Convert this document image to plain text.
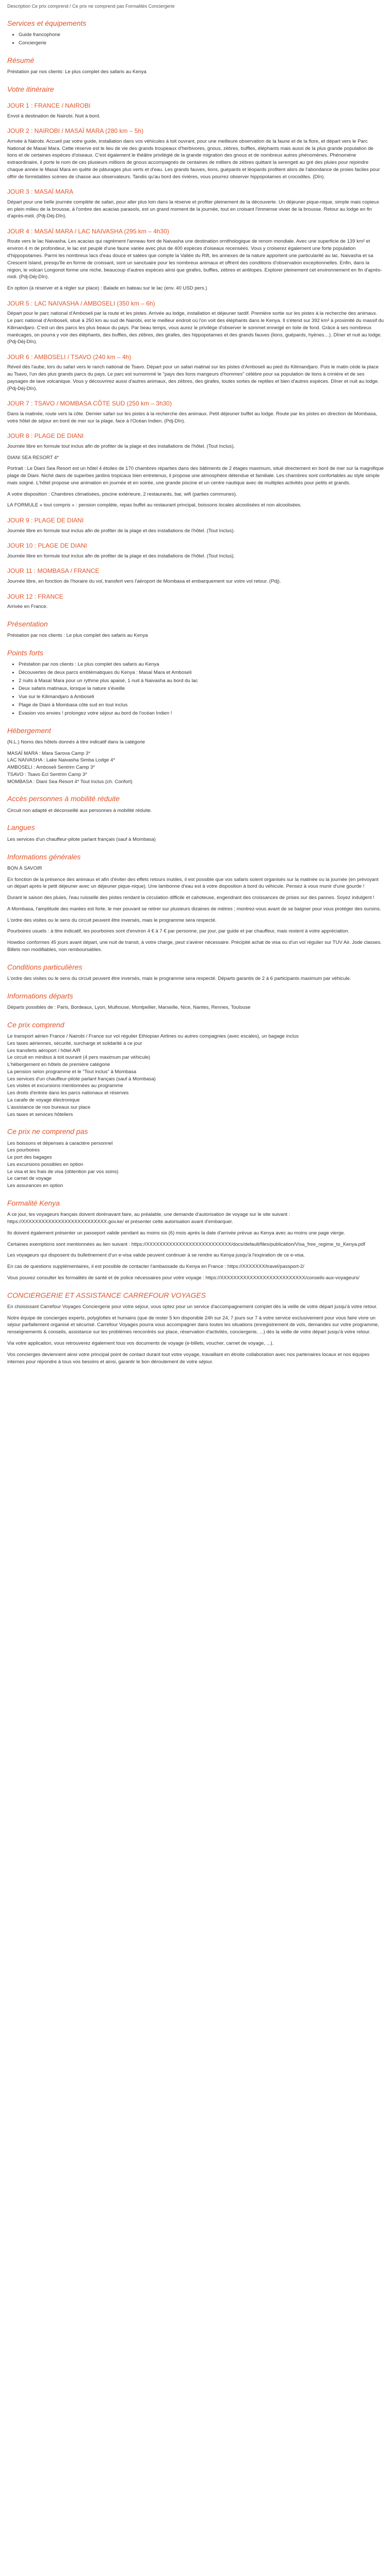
Description Ce prix comprend / Ce prix ne comprend pas Formalités Conciergerie
Services et équipements
• Guide francophone
• Conciergerie
Résumé

Préstation par nos clients: Le plus complet des safaris au Kenya

Votre itinéraire
JOUR 1 : FRANCE / NAIROBI

Envol à destination de Nairobi. Nuit à bord.

JOUR 2 : NAIROBI / MASAÏ MARA (280 km – 5h)

Arrivée à Nairobi. Accueil par votre guide, installation dans vos véhicules à toit ouvrant, pour une meilleure observation de la faune et de la flore, et départ vers le Parc National de Masaï Mara. Cette réserve est le lieu de vie des grands troupeaux d'herbivores, gnous, zèbres, buffles, éléphants mais aussi de la plus grande population de lions et de certaines espèces d'oiseaux. C'est également le théâtre privilégié de la grande migration des gnous et de nombreux autres phénomènes. Phénomène extraordinaire, il porte le nom de ces plusieurs millions de gnous accompagnés de centaines de milliers de zèbres quittant la serengeti au gré des pluies pour rejoindre chaque année le Masaï Mara en quête de pâturages plus verts et d'eau. Les grands fauves, lions, guépards et léopards profitent alors de l'abondance de proies faciles pour offrir de formidables scènes de chasse aux observateurs. Tandis qu'au bord des rivières, vous pourrez observer hippopotames et crocodiles. (Dîn).

JOUR 3 : MASAÏ MARA

Départ pour une belle journée complète de safari, pour aller plus loin dans la réserve et profiter pleinement de la découverte. Un déjeuner pique-nique, simple mais copieux en plein milieu de la brousse, à l'ombre des acacias parasols, est un grand moment de la journée, tout en croisant l'immense vivier de la brousse. Retour au lodge en fin d'après-midi. (Pdj-Déj-Dîn).

JOUR 4 : MASAÏ MARA / LAC NAIVASHA (295 km – 4h30)

Route vers le lac Naivasha. Les acacias qui ragrèment l'anneau font de Naivasha une destination ornithologique de renom mondiale. Avec une superficie de 139 km² et environ 4 m de profondeur, le lac est peuplé d'une faune variée avec plus de 400 espèces d'oiseaux recensées. Vous y croiserez également une forte population d'hippopotames. Parmi les nombreux lacs d'eau douce et salées que compte la Vallée du Rift, les annexes de la nature apportent une particularité au lac. Naivasha et sa Crescent Island, presqu'île en forme de croissant, sont un sanctuaire pour les nombreux animaux et offrent des conditions d'observation exceptionnelles. Enfin, dans la région, le volcan Longonot forme une niche, beaucoup d'autres espèces ainsi que girafes, buffles, zèbres et antilopes. Explorer pleinement cet environnement en fin d'après-midi. (Pdj-Déj-Dîn).

En option (à réserver et à régler sur place) : Balade en bateau sur le lac (env. 40 USD pers.)

JOUR 5 : LAC NAIVASHA / AMBOSELI (350 km – 6h)

Départ pour le parc national d'Amboseli par la route et les pistes. Arrivée au lodge, installation et déjeuner tardif. Première sortie sur les pistes à la recherche des animaux. Le parc national d'Amboseli, situé à 250 km au sud de Nairobi, est le meilleur endroit où l'on voit des éléphants dans le Kenya. Il s'étend sur 392 km² à proximité du massif du Kilimandjaro. C'est un des parcs les plus beaux du pays. Par beau temps, vous aurez le privilège d'observer le sommet enneigé en toile de fond. Grâce à ses nombreux marécages, on pourra y voir des éléphants, des buffles, des zèbres, des girafes, des hippopotames et des grands fauves (lions, guépards, hyènes…). Dîner et nuit au lodge. (Pdj-Déj-Dîn).

JOUR 6 : AMBOSELI / TSAVO (240 km – 4h)

Réveil dès l'aube, lors du safari vers le ranch national de Tsavo. Départ pour un safari matinal sur les pistes d'Amboseli au pied du Kilimandjaro. Puis le matin cède la place au Tsavo, l'un des plus grands parcs du pays. Le parc est surnommé le "pays des lions mangeurs d'hommes" célèbre pour sa population de lions à crinière et de ses paysages de lave volcanique. Vous y découvrirez aussi d'autres animaux, des zèbres, des girafes, toutes sortes de reptiles et bien d'autres espèces. Dîner et nuit au lodge. (Pdj-Déj-Dîn).

JOUR 7 : TSAVO / MOMBASA CÔTE SUD (250 km – 3h30)

Dans la matinée, route vers la côte. Dernier safari sur les pistes à la recherche des animaux. Petit déjeuner buffet au lodge. Route par les pistes en direction de Mombasa, votre hôtel de séjour en bord de mer sur la plage, face à l'Océan Indien. (Pdj-Dîn).

JOUR 8 : PLAGE DE DIANI

Journée libre en formule tout inclus afin de profiter de la plage et des installations de l'hôtel. (Tout Inclus).

DIANI SEA RESORT 4*

Portrait : Le Diani Sea Resort est un hôtel 4 étoiles de 170 chambres réparties dans des bâtiments de 2 étages maximum, situé directement en bord de mer sur la magnifique plage de Diani. Niché dans de superbes jardins tropicaux bien entretenus, il propose une atmosphère détendue et familiale. Les chambres sont confortables au style simple mais soigné. L'hôtel propose une animation en journée et en soirée, une grande piscine et un centre nautique avec de multiples activités pour petits et grands.

A votre disposition : Chambres climatisées, piscine extérieure, 2 restaurants, bar, wifi (parties communes).

LA FORMULE « tout compris » : pension complète, repas buffet au restaurant principal, boissons locales alcoolisées et non alcoolisées.

JOUR 9 : PLAGE DE DIANI

Journée libre en formule tout inclus afin de profiter de la plage et des installations de l'hôtel. (Tout Inclus).

JOUR 10 : PLAGE DE DIANI

Journée libre en formule tout inclus afin de profiter de la plage et des installations de l'hôtel. (Tout Inclus).

JOUR 11 : MOMBASA / FRANCE

Journée libre, en fonction de l'horaire du vol, transfert vers l'aéroport de Mombasa et embarquement sur votre vol retour. (Pdj).

JOUR 12 : FRANCE

Arrivée en France.

Présentation

Préstation par nos clients : Le plus complet des safaris au Kenya

Points forts
• Préstation par nos clients : Le plus complet des safaris au Kenya
• Découvertes de deux parcs emblématiques du Kenya : Masaï Mara et Amboseli
• 2 nuits à Masaï Mara pour un rythme plus apaisé, 1 nuit à Naivasha au bord du lac
• Deux safaris matinaux, lorsque la nature s'éveille
• Vue sur le Kilimandjaro à Amboseli
• Plage de Diani à Mombasa côte sud en tout inclus
• Evasion vos envies ! prolongez votre séjour au bord de l'océan Indien !
Hébergement

(N.L.) Noms des hôtels donnés à titre indicatif dans la catégorie

MASAÏ MARA : Mara Sarova Camp 3*
LAC NAIVASHA : Lake Naivasha Simba Lodge 4*
AMBOSELI : Amboseli Sentrim Camp 3*
TSAVO : Tsavo Ecl Sentrim Camp 3*
MOMBASA : Diani Sea Resort 4* Tout Inclus (ch. Confort)
Accès personnes à mobilité réduite

Circuit non adapté et déconseillé aux personnes à mobilité réduite.

Langues

Les services d'un chauffeur-pilote parlant français (sauf à Mombasa)

Informations générales

BON À SAVOIR

En fonction de la présence des animaux et afin d'éviter des effets retours inutiles, il est possible que vos safaris soient organisés sur la matinée ou la journée (en prévoyant un départ après le petit déjeuner avec un déjeuner pique-nique). Une lambonne d'eau est à votre disposition à bord du véhicule. Pensez à vous munir d'une gourde !

Durant le saison des pluies, l'eau ruisselle des pistes rendant la circulation difficile et cahoteuse, engendrant des croissances de prises sur des pannes. Soyez indulgent !

A Mombasa, l'amplitude des marées est forte, le mer pouvant se retirer sur plusieurs dizaines de mètres ; montrez-vous avant de se baigner pour vous protéger des oursins.

L'ordre des visites ou le sens du circuit peuvent être inversés, mais le programme sera respecté.

Pourboires usuels : à titre indicatif, les pourboires sont d'environ 4 € à 7 € par personne, par jour, par guide et par chauffeur, mais restent à votre appréciation.

Howdoo conformes 45 jours avant départ, une nuit de transit, à votre charge, peut s'avérer nécessaire. Précipité achat de visa ou d'un vol régulier sur TUV Air. Jode classes. Billets non modifiables, non remboursables.

Conditions particulières

L'ordre des visites ou le sens du circuit peuvent être inversés, mais le programme sera respecté. Départs garantis de 2 à 6 participants maximum par véhicule.

Informations départs

Départs possibles de : Paris, Bordeaux, Lyon, Mulhouse, Montpellier, Marseille, Nice, Nantes, Rennes, Toulouse

Ce prix comprend
Le transport aérien France / Nairobi / France sur vol régulier Ethiopian Airlines ou autres compagnies (avec escales), un bagage inclus
Les taxes aériennes, sécurité, surcharge et solidarité à ce jour
Les transferts aéroport / hôtel A/R
Le circuit en minibus à toit ouvrant (4 pers maximum par véhicule)
L'hébergement en hôtels de première catégorie
La pension selon programme et le "Tout inclus" à Mombasa
Les services d'un chauffeur-pilote parlant français (sauf à Mombasa)
Les visites et excursions mentionnées au programme
Les droits d'entrée dans les parcs nationaux et réserves
La carafe de voyage électronique
L'assistance de nos bureaux sur place
Les taxes et services hôteliers
Ce prix ne comprend pas
Les boissons et dépenses à caractère personnel
Les pourboires
Le port des bagages
Les excursions possibles en option
Le visa et les frais de visa (obtention par vos soins)
Le carnet de voyage
Les assurances en option
Formalité Kenya

A ce jour, les voyageurs français doivent dorénavant faire, au préalable, une demande d'autorisation de voyage sur le site suivant : https://XXXXXXXXXXXXXXXXXXXXXXXXXX.gov.ke/ et présenter cette autorisation avant d'embarquer.

Ils doivent également présenter un passeport valide pendant au moins six (6) mois après la date d'arrivée prévue au Kenya avec au moins une page vierge.

Certaines exemptions sont mentionnées au lien suivant : https://XXXXXXXXXXXXXXXXXXXXXXXXXX/docs/default/files/publication/Visa_free_regime_to_Kenya.pdf

Les voyageurs qui disposent du bulletinement d'un e-visa valide peuvent continuer à se rendre au Kenya jusqu'à l'expiration de ce e-visa.

En cas de questions supplémentaires, il est possible de contacter l'ambassade du Kenya en France : https://XXXXXXX/travel/passport-2/

Vous pouvez consulter les formalités de santé et de police nécessaires pour votre voyage : https://XXXXXXXXXXXXXXXXXXXXXXXXXX/conseils-aux-voyageurs/

CONCIERGERIE ET ASSISTANCE CARREFOUR VOYAGES

En choisissant Carrefour Voyages Conciergerie pour votre séjour, vous optez pour un service d'accompagnement complet dès la veille de votre départ jusqu'à votre retour.

Notre équipe de concierges experts, polyglottes et humains (que de rester 5 km disponible 24h sur 24, 7 jours sur 7 à votre service exclusivement pour vous faire vivre un séjour parfaitement organisé et sécurisé. Carrefour Voyages pourra vous accompagner dans toutes les situations (enregistrement de vols, demandes sur votre programme, renseignements & conseils, assistance sur les problèmes rencontrés sur place, réservation d'activités, conciergerie, ...) dès la veille de votre départ jusqu'à votre retour.

Via votre application, vous retrouverez également tous vos documents de voyage (e-billets, voucher, carnet de voyage, ...).

Vos concierges deviennent ainsi votre principal point de contact durant tout votre voyage, travaillant en étroite collaboration avec nos partenaires locaux et nos équipes internes pour répondre à tous vos besoins et ainsi, garantir le bon déroulement de votre séjour.
